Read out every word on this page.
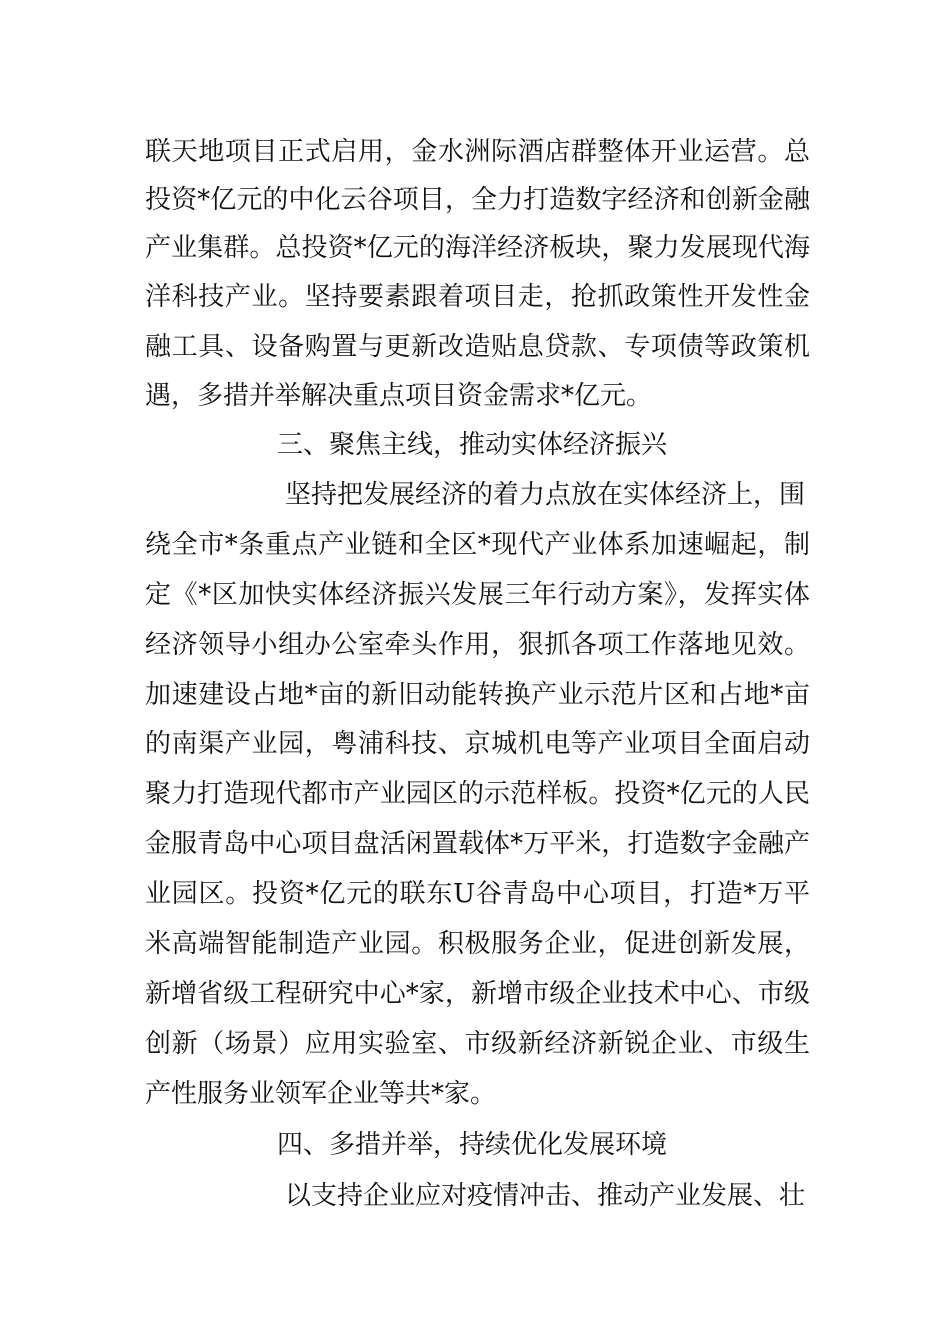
联天地项目正式启用，金水洲际酒店群整体开业运营。总
投资*亿元的中化云谷项目，全力打造数字经济和创新金融
产业集群。总投资*亿元的海洋经济板块，聚力发展现代海
洋科技产业。坚持要素跟着项目走，抢抓政策性开发性金
融工具、设备购置与更新改造贴息贷款、专项债等政策机
遇，多措并举解决重点项目资金需求*亿元。
三、聚焦主线，推动实体经济振兴
坚持把发展经济的着力点放在实体经济上，围
绕全市*条重点产业链和全区*现代产业体系加速崛起，制
定《*区加快实体经济振兴发展三年行动方案》，发挥实体
经济领导小组办公室牵头作用，狠抓各项工作落地见效。
加速建设占地*亩的新旧动能转换产业示范片区和占地*亩
的南渠产业园，粤浦科技、京城机电等产业项目全面启动
聚力打造现代都市产业园区的示范样板。投资*亿元的人民
金服青岛中心项目盘活闲置载体*万平米，打造数字金融产
业园区。投资*亿元的联东U谷青岛中心项目，打造*万平
米高端智能制造产业园。积极服务企业，促进创新发展，
新增省级工程研究中心*家，新增市级企业技术中心、市级
创新（场景）应用实验室、市级新经济新锐企业、市级生
产性服务业领军企业等共*家。
四、多措并举，持续优化发展环境
以支持企业应对疫情冲击、推动产业发展、壮
